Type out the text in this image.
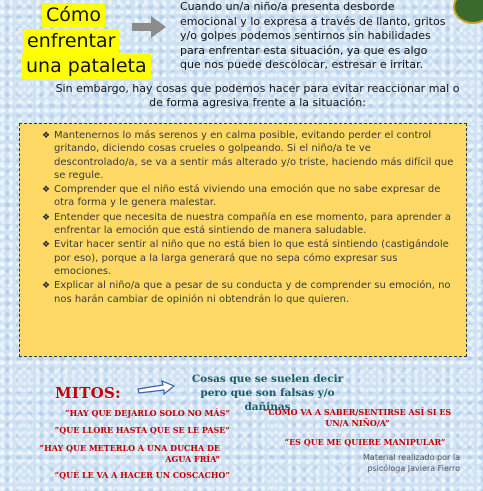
Cómo
enfrentar
una pataleta
Cuando un/a niño/a presenta desborde emocional y lo expresa a través de llanto, gritos y/o golpes podemos sentirnos sin habilidades para enfrentar esta situación, ya que es algo que nos puede descolocar, estresar e irritar.
Sin embargo, hay cosas que podemos hacer para evitar reaccionar mal o de forma agresiva frente a la situación:
❖ Mantenernos lo más serenos y en calma posible, evitando perder el control gritando, diciendo cosas crueles o golpeando. Si el niño/a te ve descontrolado/a, se va a sentir más alterado y/o triste, haciendo más difícil que se regule.
❖ Comprender que el niño está viviendo una emoción que no sabe expresar de otra forma y le genera malestar.
❖ Entender que necesita de nuestra compañía en ese momento, para aprender a enfrentar la emoción que está sintiendo de manera saludable.
❖ Evitar hacer sentir al niño que no está bien lo que está sintiendo (castigándole por eso), porque a la larga generará que no sepa cómo expresar sus emociones.
❖ Explicar al niño/a que a pesar de su conducta y de comprender su emoción, no nos harán cambiar de opinión ni obtendrán lo que quieren.
MITOS:
Cosas que se suelen decir pero que son falsas y/o dañinas
“HAY QUE DEJARLO SOLO NO MÁS”
“QUE LLORE HASTA QUE SE LE PASE”
“HAY QUE METERLO A UNA DUCHA DE AGUA FRÍA”
“QUÉ LE VA A HACER UN COSCACHO”
“CÓMO VA A SABER/SENTIRSE ASÍ SI ES UN/A NIÑO/A”
“ES QUE ME QUIERE MANIPULAR”
Material realizado por la psicóloga Javiera Fierro
